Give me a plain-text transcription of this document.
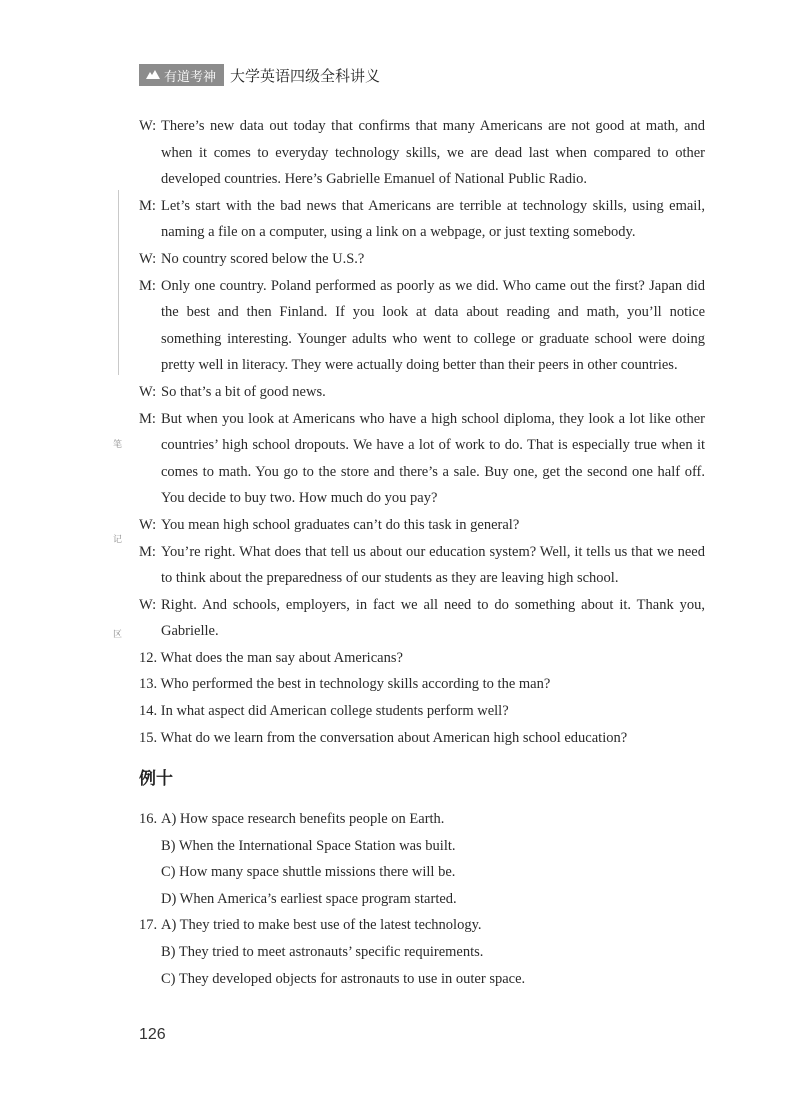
有道考神 大学英语四级全科讲义
笔
记
区
W: There’s new data out today that confirms that many Americans are not good at math, and when it comes to everyday technology skills, we are dead last when compared to other developed countries. Here’s Gabrielle Emanuel of National Public Radio.
M: Let’s start with the bad news that Americans are terrible at technology skills, using email, naming a file on a computer, using a link on a webpage, or just texting somebody.
W: No country scored below the U.S.?
M: Only one country. Poland performed as poorly as we did. Who came out the first? Japan did the best and then Finland. If you look at data about reading and math, you’ll notice something interesting. Younger adults who went to college or graduate school were doing pretty well in literacy. They were actually doing better than their peers in other countries.
W: So that’s a bit of good news.
M: But when you look at Americans who have a high school diploma, they look a lot like other countries’ high school dropouts. We have a lot of work to do. That is especially true when it comes to math. You go to the store and there’s a sale. Buy one, get the second one half off. You decide to buy two. How much do you pay?
W: You mean high school graduates can’t do this task in general?
M: You’re right. What does that tell us about our education system? Well, it tells us that we need to think about the preparedness of our students as they are leaving high school.
W: Right. And schools, employers, in fact we all need to do something about it. Thank you, Gabrielle.
12. What does the man say about Americans?
13. Who performed the best in technology skills according to the man?
14. In what aspect did American college students perform well?
15. What do we learn from the conversation about American high school education?
例十
16. A) How space research benefits people on Earth.
B) When the International Space Station was built.
C) How many space shuttle missions there will be.
D) When America’s earliest space program started.
17. A) They tried to make best use of the latest technology.
B) They tried to meet astronauts’ specific requirements.
C) They developed objects for astronauts to use in outer space.
126
